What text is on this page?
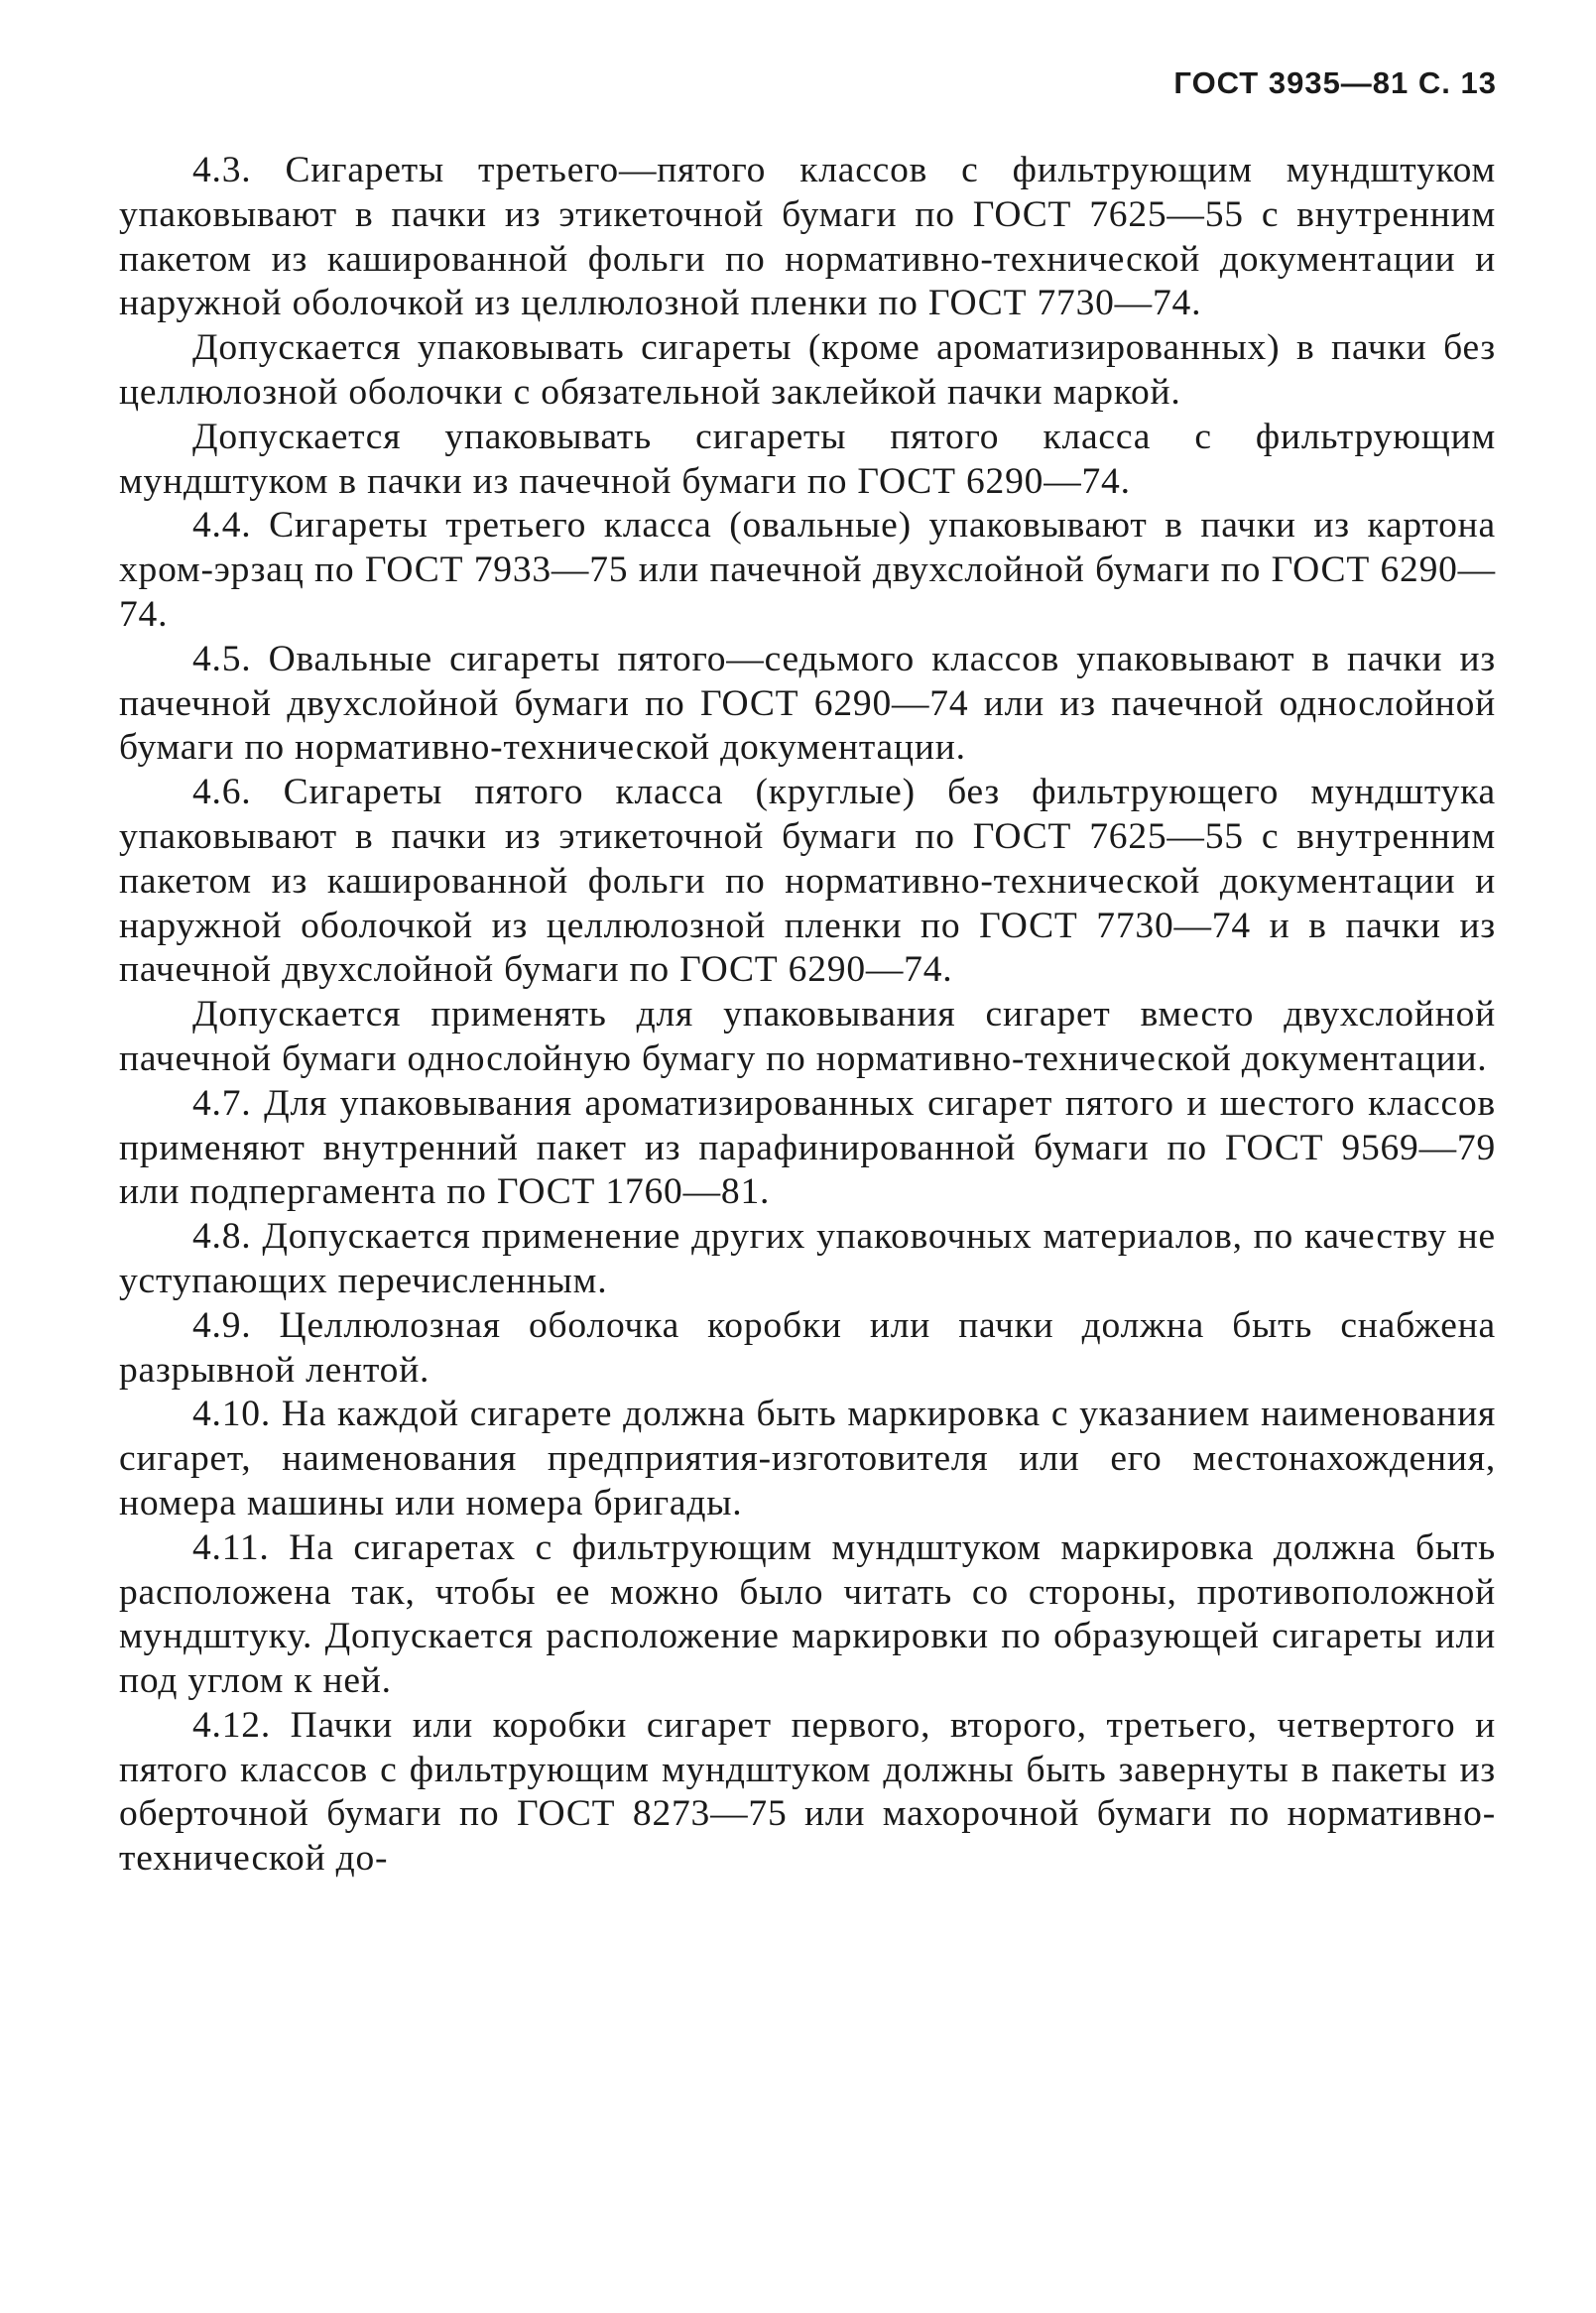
ГОСТ 3935—81 С. 13

4.3. Сигареты третьего—пятого классов с фильтрующим мундштуком упаковывают в пачки из этикеточной бумаги по ГОСТ 7625—55 с внутренним пакетом из кашированной фольги по нормативно-технической документации и наружной оболочкой из целлюлозной пленки по ГОСТ 7730—74.

Допускается упаковывать сигареты (кроме ароматизированных) в пачки без целлюлозной оболочки с обязательной заклейкой пачки маркой.

Допускается упаковывать сигареты пятого класса с фильтрующим мундштуком в пачки из пачечной бумаги по ГОСТ 6290—74.

4.4. Сигареты третьего класса (овальные) упаковывают в пачки из картона хром-эрзац по ГОСТ 7933—75 или пачечной двухслойной бумаги по ГОСТ 6290—74.

4.5. Овальные сигареты пятого—седьмого классов упаковывают в пачки из пачечной двухслойной бумаги по ГОСТ 6290—74 или из пачечной однослойной бумаги по нормативно-технической документации.

4.6. Сигареты пятого класса (круглые) без фильтрующего мундштука упаковывают в пачки из этикеточной бумаги по ГОСТ 7625—55 с внутренним пакетом из кашированной фольги по нормативно-технической документации и наружной оболочкой из целлюлозной пленки по ГОСТ 7730—74 и в пачки из пачечной двухслойной бумаги по ГОСТ 6290—74.

Допускается применять для упаковывания сигарет вместо двухслойной пачечной бумаги однослойную бумагу по нормативно-технической документации.

4.7. Для упаковывания ароматизированных сигарет пятого и шестого классов применяют внутренний пакет из парафинированной бумаги по ГОСТ 9569—79 или подпергамента по ГОСТ 1760—81.

4.8. Допускается применение других упаковочных материалов, по качеству не уступающих перечисленным.

4.9. Целлюлозная оболочка коробки или пачки должна быть снабжена разрывной лентой.

4.10. На каждой сигарете должна быть маркировка с указанием наименования сигарет, наименования предприятия-изготовителя или его местонахождения, номера машины или номера бригады.

4.11. На сигаретах с фильтрующим мундштуком маркировка должна быть расположена так, чтобы ее можно было читать со стороны, противоположной мундштуку. Допускается расположение маркировки по образующей сигареты или под углом к ней.

4.12. Пачки или коробки сигарет первого, второго, третьего, четвертого и пятого классов с фильтрующим мундштуком должны быть завернуты в пакеты из оберточной бумаги по ГОСТ 8273—75 или махорочной бумаги по нормативно-технической до-
